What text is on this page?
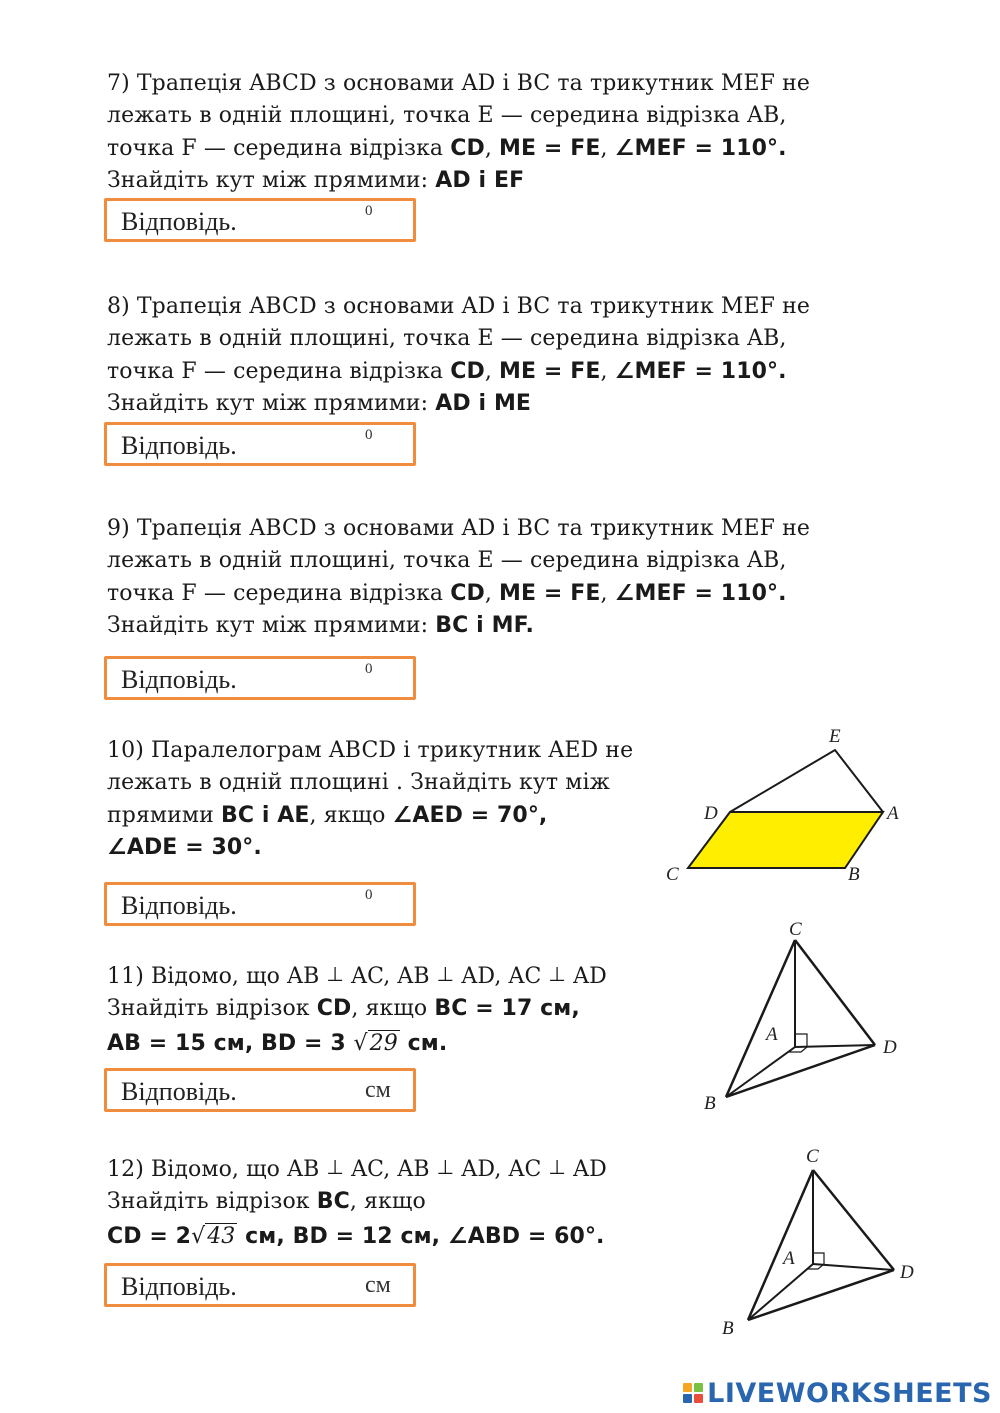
7) Трапеція ABCD з основами AD і BC та трикутник MEF не
лежать в одній площині, точка E — середина відрізка AB,
точка F — середина відрізка CD, ME = FE, ∠MEF = 110°.
Знайдіть кут між прямими: AD і EF
Відповідь.	0
8) Трапеція ABCD з основами AD і BC та трикутник MEF не
лежать в одній площині, точка E — середина відрізка AB,
точка F — середина відрізка CD, ME = FE, ∠MEF = 110°.
Знайдіть кут між прямими: AD і ME
Відповідь.	0
9) Трапеція ABCD з основами AD і BC та трикутник MEF не
лежать в одній площині, точка E — середина відрізка AB,
точка F — середина відрізка CD, ME = FE, ∠MEF = 110°.
Знайдіть кут між прямими: BC і MF.
Відповідь.	0
10) Паралелограм ABCD і трикутник AED не
лежать в одній площині . Знайдіть кут між
прямими BC і AE, якщо ∠AED = 70°,
∠ADE = 30°.
Відповідь.	0
E
D	A
C	B
11) Відомо, що AB ⊥ AC, AB ⊥ AD, AC ⊥ AD
Знайдіть відрізок CD, якщо BC = 17 см,
AB = 15 см, BD = 3 √29 см.
Відповідь.	см
C
A
D
B
12) Відомо, що AB ⊥ AC, AB ⊥ AD, AC ⊥ AD
Знайдіть відрізок BC, якщо
CD = 2√43 см, BD = 12 см, ∠ABD = 60°.
Відповідь.	см
C
A
D
B
LIVEWORKSHEETS
